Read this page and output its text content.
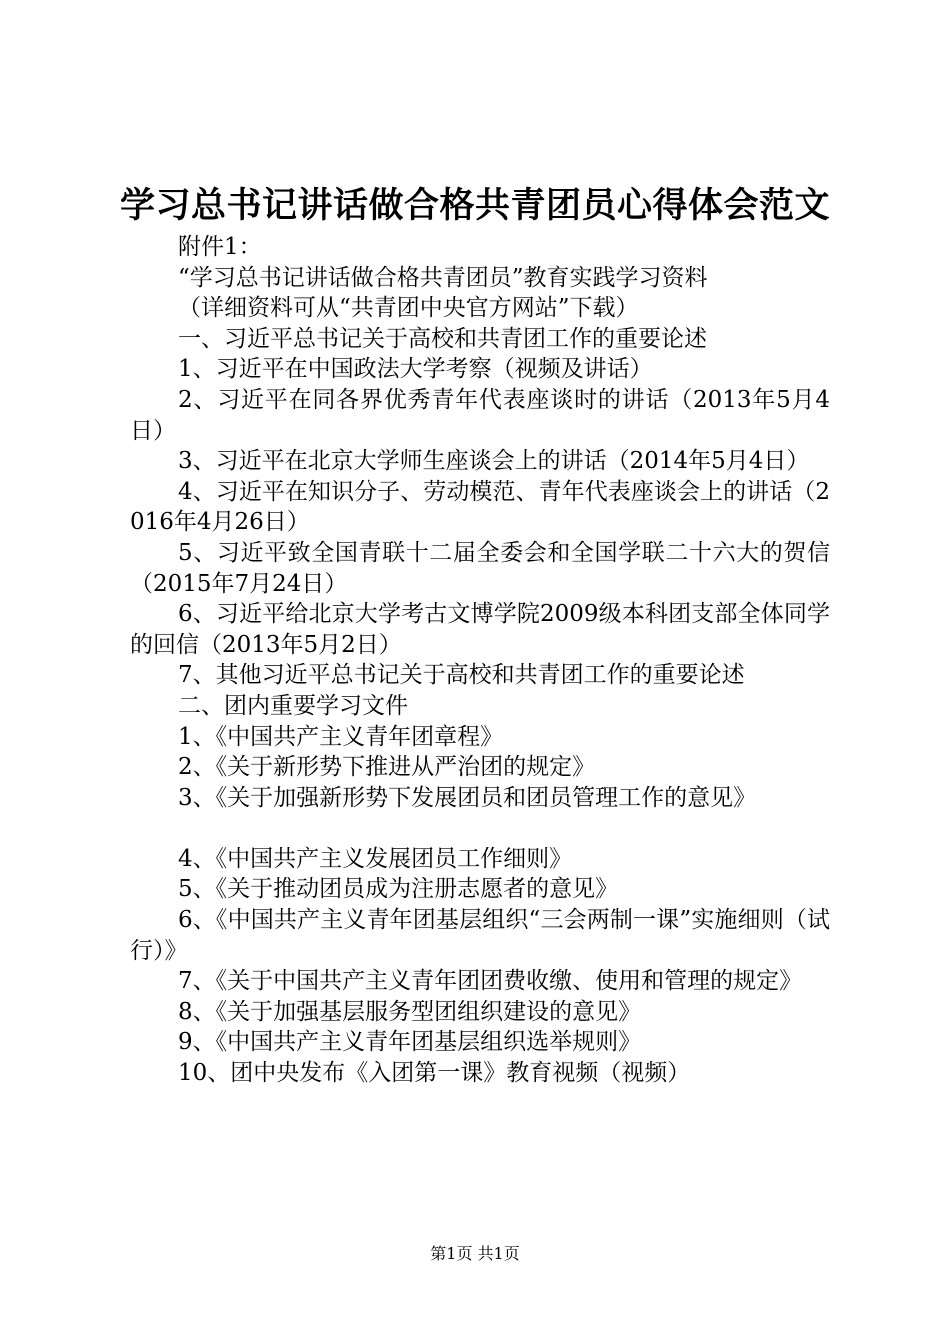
学习总书记讲话做合格共青团员心得体会范文

附件1：

“学习总书记讲话做合格共青团员”教育实践学习资料

（详细资料可从“共青团中央官方网站”下载）

一、习近平总书记关于高校和共青团工作的重要论述

1、习近平在中国政法大学考察（视频及讲话）

2、习近平在同各界优秀青年代表座谈时的讲话（2013年5月4日）

3、习近平在北京大学师生座谈会上的讲话（2014年5月4日）

4、习近平在知识分子、劳动模范、青年代表座谈会上的讲话（2016年4月26日）

5、习近平致全国青联十二届全委会和全国学联二十六大的贺信（2015年7月24日）

6、习近平给北京大学考古文博学院2009级本科团支部全体同学的回信（2013年5月2日）

7、其他习近平总书记关于高校和共青团工作的重要论述

二、团内重要学习文件

1、《中国共产主义青年团章程》

2、《关于新形势下推进从严治团的规定》

3、《关于加强新形势下发展团员和团员管理工作的意见》

4、《中国共产主义发展团员工作细则》

5、《关于推动团员成为注册志愿者的意见》

6、《中国共产主义青年团基层组织“三会两制一课”实施细则（试行）》

7、《关于中国共产主义青年团团费收缴、使用和管理的规定》

8、《关于加强基层服务型团组织建设的意见》

9、《中国共产主义青年团基层组织选举规则》

10、团中央发布《入团第一课》教育视频（视频）

第1页 共1页
